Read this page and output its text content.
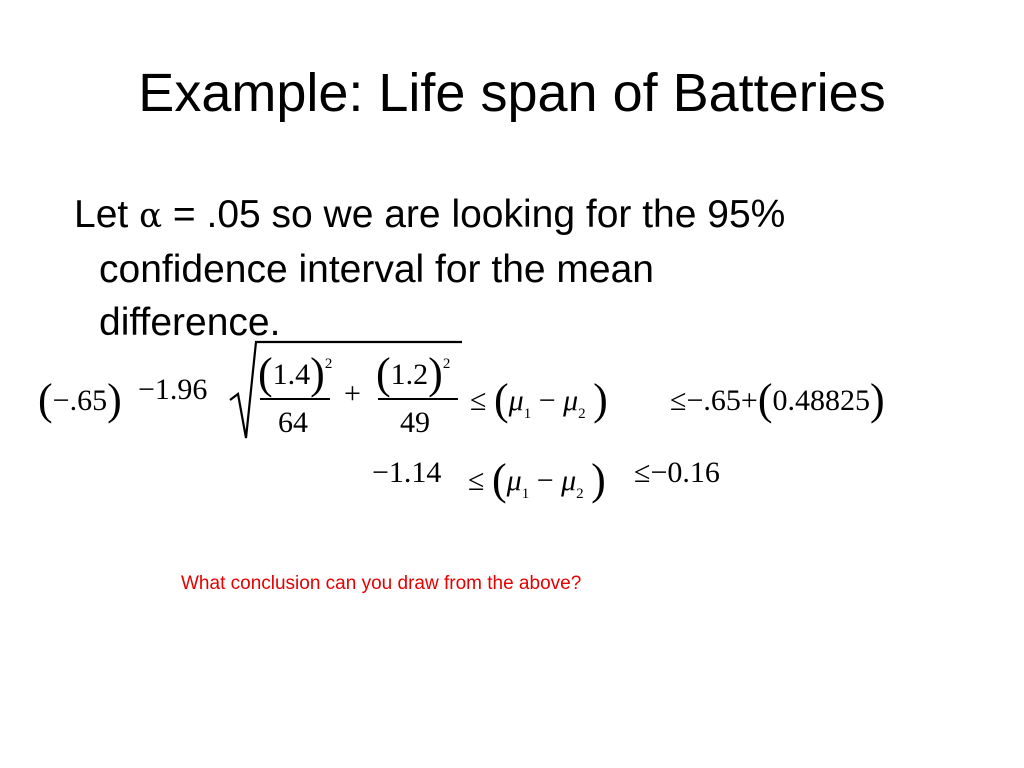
Example: Life span of Batteries
Let α = .05 so we are looking for the 95%
confidence interval for the mean
difference.
(−.65) −1.96 $(1.4)^2$
64
+ $(1.2)^2$
49
≤ ($\mu_1 - \mu_2$ ) ≤−.65+(0.48825)
$-1.14 \le (\mu_1 - \mu_2$ ) ≤−0.16
What conclusion can you draw from the above?
